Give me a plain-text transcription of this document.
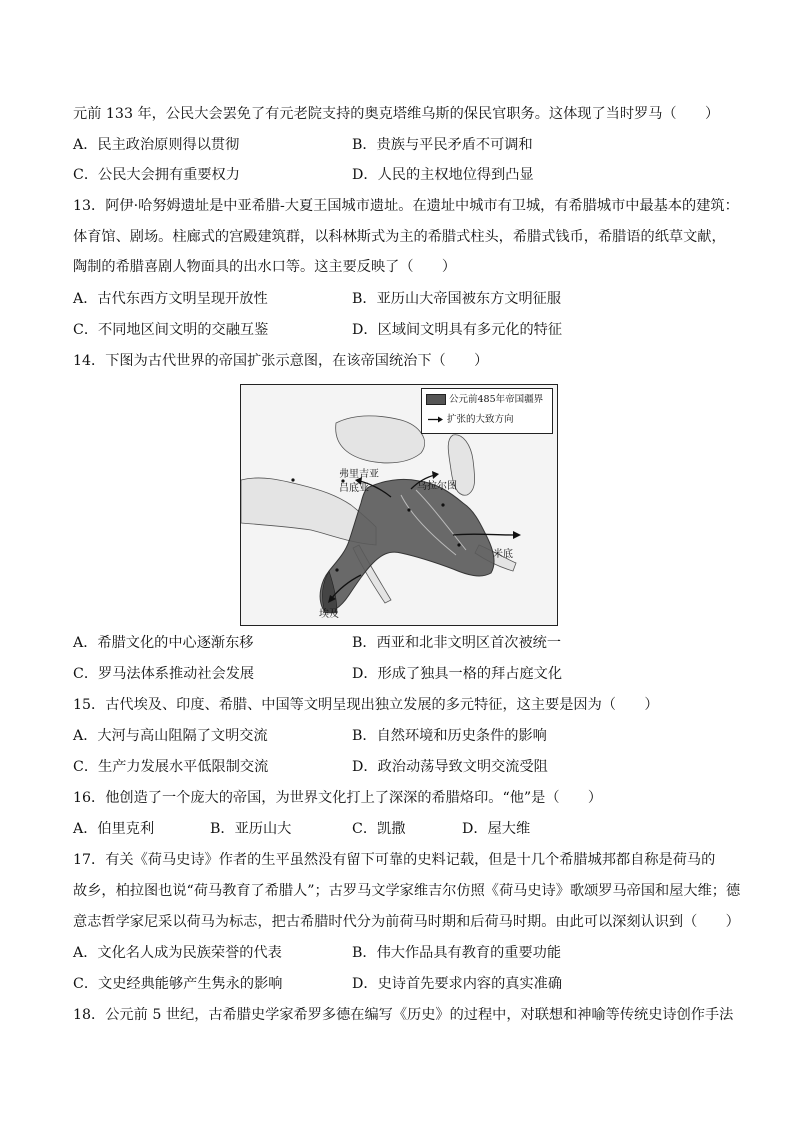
元前 133 年，公民大会罢免了有元老院支持的奥克塔维乌斯的保民官职务。这体现了当时罗马（　　）
A．民主政治原则得以贯彻	B．贵族与平民矛盾不可调和
C．公民大会拥有重要权力	D．人民的主权地位得到凸显
13．阿伊·哈努姆遗址是中亚希腊-大夏王国城市遗址。在遗址中城市有卫城，有希腊城市中最基本的建筑：
体育馆、剧场。柱廊式的宫殿建筑群，以科林斯式为主的希腊式柱头，希腊式钱币，希腊语的纸草文献，
陶制的希腊喜剧人物面具的出水口等。这主要反映了（　　）
A．古代东西方文明呈现开放性	B．亚历山大帝国被东方文明征服
C．不同地区间文明的交融互鉴	D．区域间文明具有多元化的特征
14．下图为古代世界的帝国扩张示意图，在该帝国统治下（　　）
公元前485年帝国疆界
扩张的大致方向
弗里吉亚
吕底亚	乌拉尔图
米底
埃及
A．希腊文化的中心逐渐东移	B．西亚和北非文明区首次被统一
C．罗马法体系推动社会发展	D．形成了独具一格的拜占庭文化
15．古代埃及、印度、希腊、中国等文明呈现出独立发展的多元特征，这主要是因为（　　）
A．大河与高山阻隔了文明交流	B．自然环境和历史条件的影响
C．生产力发展水平低限制交流	D．政治动荡导致文明交流受阻
16．他创造了一个庞大的帝国，为世界文化打上了深深的希腊烙印。“他”是（　　）
A．伯里克利	B．亚历山大	C．凯撒	D．屋大维
17．有关《荷马史诗》作者的生平虽然没有留下可靠的史料记载，但是十几个希腊城邦都自称是荷马的
故乡，柏拉图也说“荷马教育了希腊人”；古罗马文学家维吉尔仿照《荷马史诗》歌颂罗马帝国和屋大维；德
意志哲学家尼采以荷马为标志，把古希腊时代分为前荷马时期和后荷马时期。由此可以深刻认识到（　　）
A．文化名人成为民族荣誉的代表	B．伟大作品具有教育的重要功能
C．文史经典能够产生隽永的影响	D．史诗首先要求内容的真实准确
18．公元前 5 世纪，古希腊史学家希罗多德在编写《历史》的过程中，对联想和神喻等传统史诗创作手法
